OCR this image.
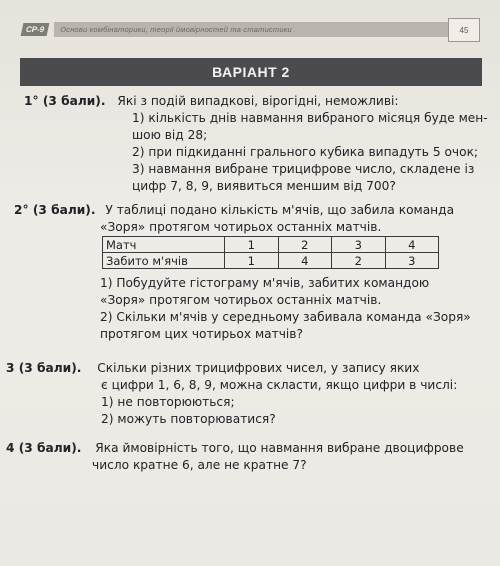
СР-9	Основи комбінаторики, теорії ймовірностей та статистики	45
ВАРІАНТ 2

1° (3 бали). Які з подій випадкові, вірогідні, неможливі:

1) кількість днів навмання вибраного місяця буде мен-

шою від 28;

2) при підкиданні грального кубика випадуть 5 очок;

3) навмання вибране трицифрове число, складене із

цифр 7, 8, 9, виявиться меншим від 700?

2° (3 бали). У таблиці подано кількість м'ячів, що забила команда

«Зоря» протягом чотирьох останніх матчів.

Матч	1	2	3	4
Забито м'ячів	1	4	2	3

1) Побудуйте гістограму м'ячів, забитих командою

«Зоря» протягом чотирьох останніх матчів.

2) Скільки м'ячів у середньому забивала команда «Зоря»

протягом цих чотирьох матчів?

3 (3 бали). Скільки різних трицифрових чисел, у запису яких

є цифри 1, 6, 8, 9, можна скласти, якщо цифри в числі:

1) не повторюються;

2) можуть повторюватися?

4 (3 бали). Яка ймовірність того, що навмання вибране двоцифрове

число кратне 6, але не кратне 7?
